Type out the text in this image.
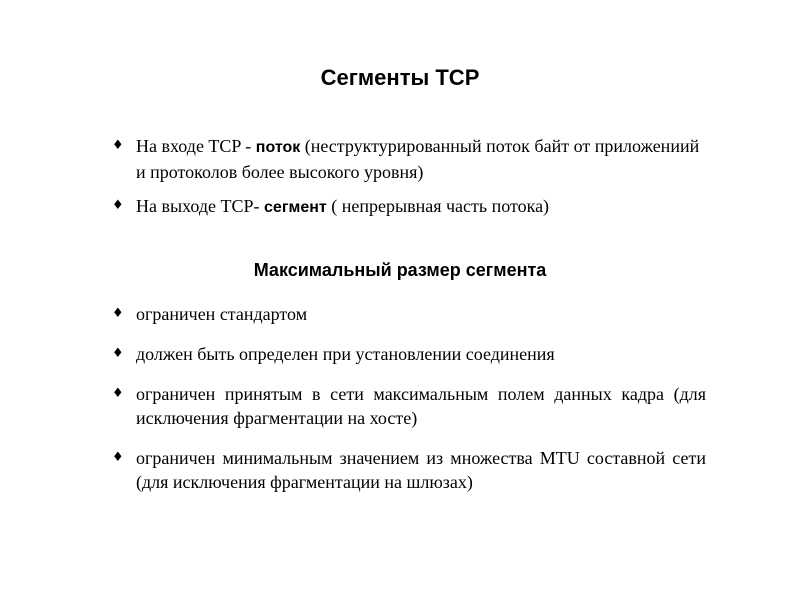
Сегменты TCP
♦ На входе TCP - поток (неструктурированный поток байт от приложениий и протоколов более высокого уровня)
♦ На выходе TCP- сегмент ( непрерывная часть потока)
Максимальный размер сегмента
♦ ограничен стандартом
♦ должен быть определен при установлении соединения
♦ ограничен принятым в сети максимальным полем данных кадра (для исключения фрагментации на хосте)
♦ ограничен минимальным значением из множества MTU составной сети (для исключения фрагментации на шлюзах)
